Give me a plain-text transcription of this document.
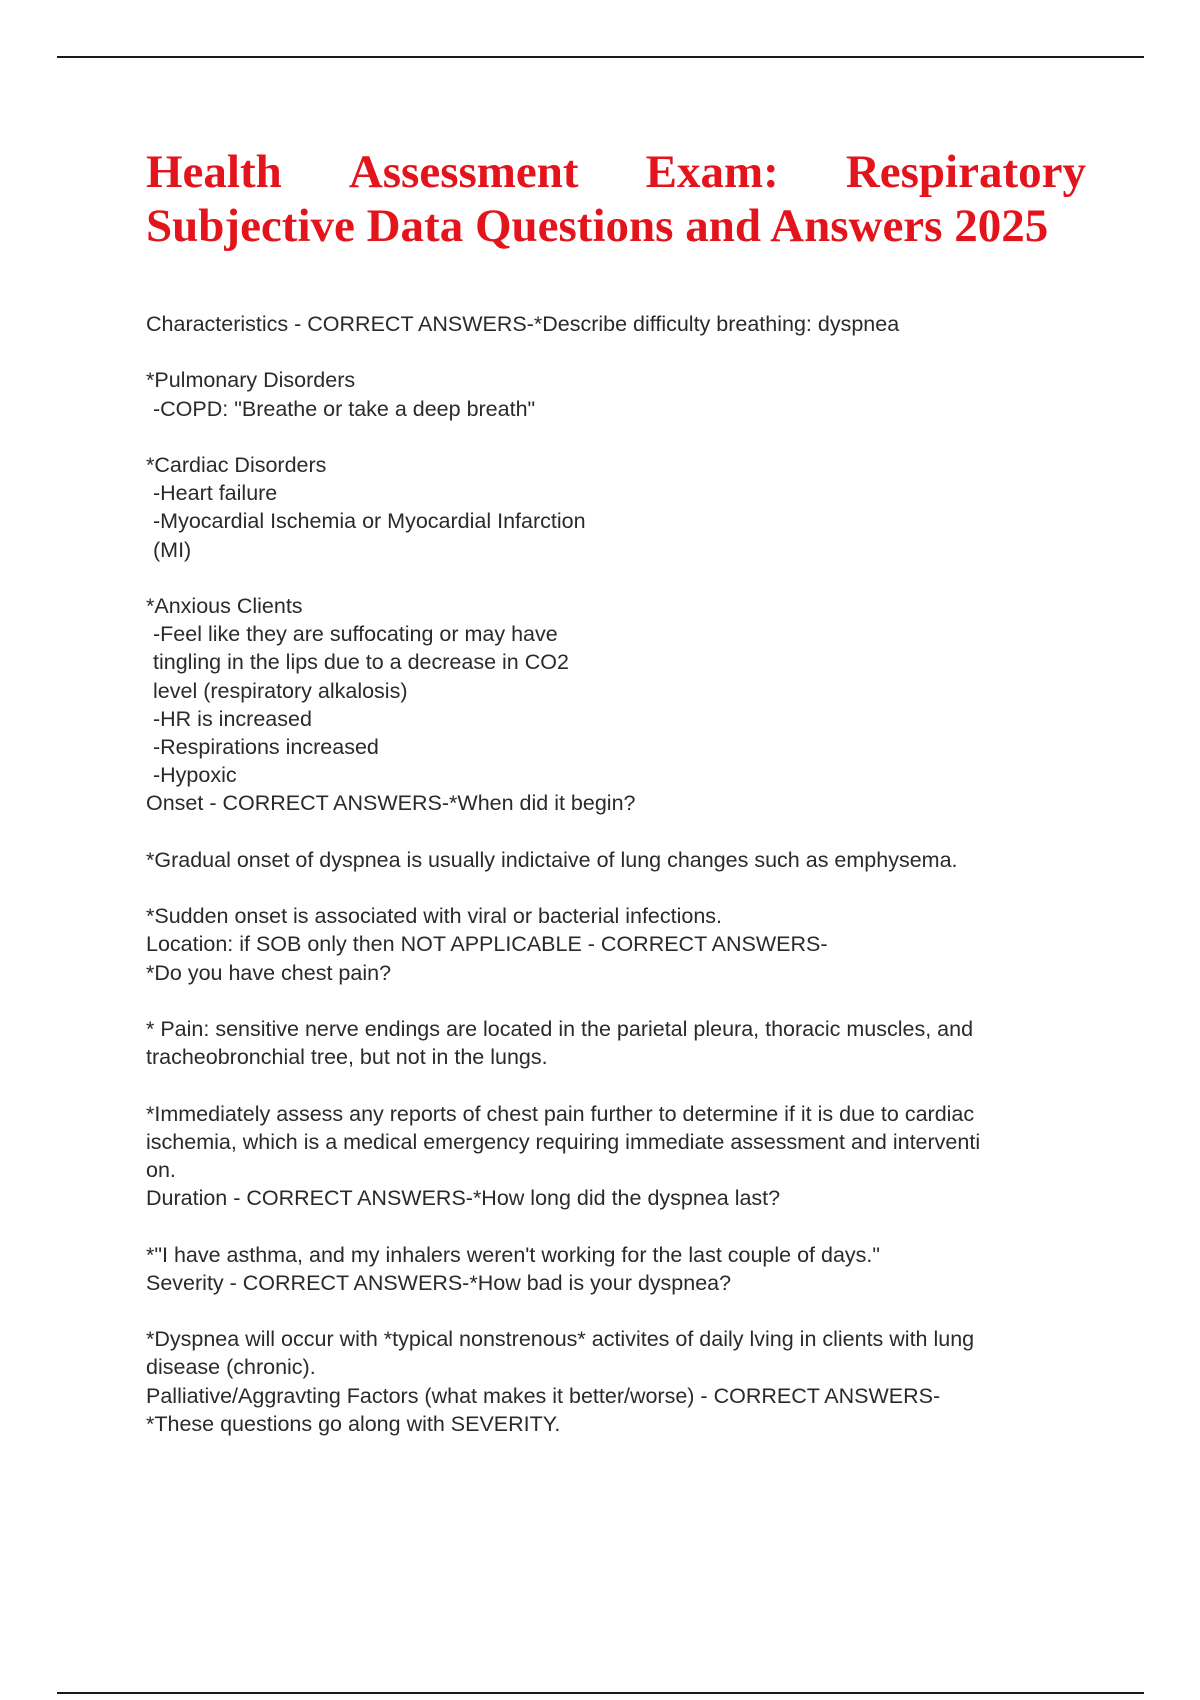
Health Assessment Exam: Respiratory
Subjective Data Questions and Answers 2025

Characteristics - CORRECT ANSWERS-*Describe difficulty breathing: dyspnea

*Pulmonary Disorders

-COPD: "Breathe or take a deep breath"

*Cardiac Disorders

-Heart failure

-Myocardial Ischemia or Myocardial Infarction

(MI)

*Anxious Clients

-Feel like they are suffocating or may have

tingling in the lips due to a decrease in CO2

level (respiratory alkalosis)

-HR is increased

-Respirations increased

-Hypoxic

Onset - CORRECT ANSWERS-*When did it begin?

*Gradual onset of dyspnea is usually indictaive of lung changes such as emphysema.

*Sudden onset is associated with viral or bacterial infections.

Location: if SOB only then NOT APPLICABLE - CORRECT ANSWERS-

*Do you have chest pain?

* Pain: sensitive nerve endings are located in the parietal pleura, thoracic muscles, and

tracheobronchial tree, but not in the lungs.

*Immediately assess any reports of chest pain further to determine if it is due to cardiac

ischemia, which is a medical emergency requiring immediate assessment and interventi

on.

Duration - CORRECT ANSWERS-*How long did the dyspnea last?

*"I have asthma, and my inhalers weren't working for the last couple of days."

Severity - CORRECT ANSWERS-*How bad is your dyspnea?

*Dyspnea will occur with *typical nonstrenous* activites of daily lving in clients with lung

disease (chronic).

Palliative/Aggravting Factors (what makes it better/worse) - CORRECT ANSWERS-

*These questions go along with SEVERITY.
